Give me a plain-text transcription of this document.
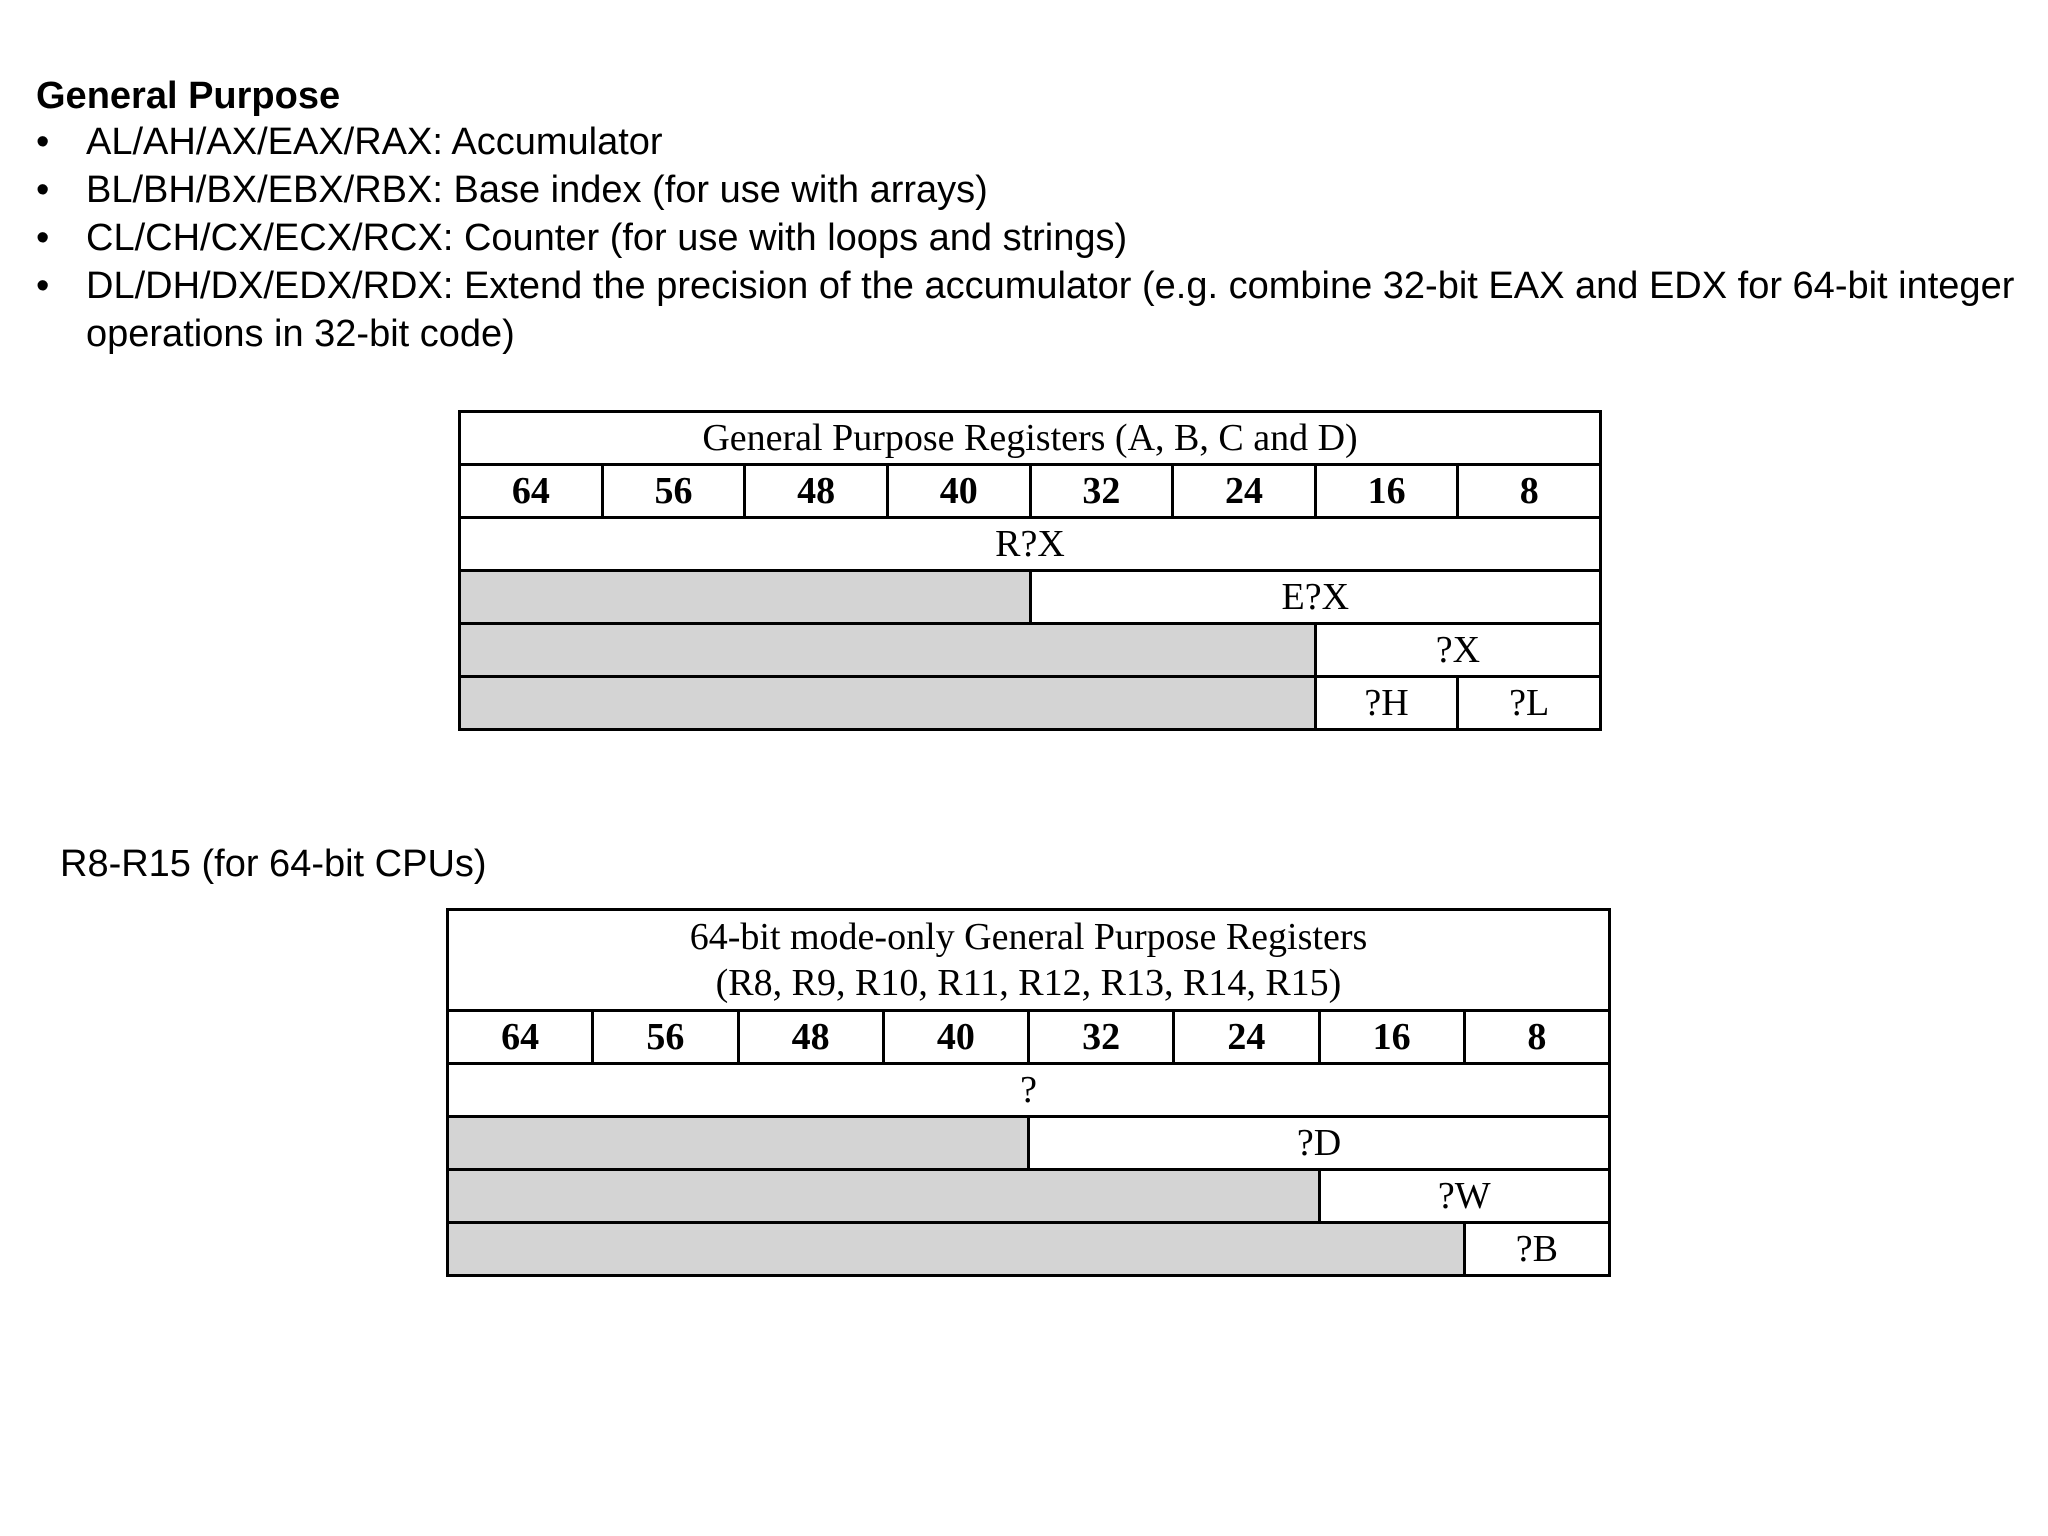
General Purpose
• AL/AH/AX/EAX/RAX: Accumulator
• BL/BH/BX/EBX/RBX: Base index (for use with arrays)
• CL/CH/CX/ECX/RCX: Counter (for use with loops and strings)
• DL/DH/DX/EDX/RDX: Extend the precision of the accumulator (e.g. combine 32-bit EAX and EDX for 64-bit integer operations in 32-bit code)
General Purpose Registers (A, B, C and D)							
64	56	48	40	32	24	16	8
R?X							
				E?X			
						?X	
						?H	?L
R8-R15 (for 64-bit CPUs)
64-bit mode-only General Purpose Registers
(R8, R9, R10, R11, R12, R13, R14, R15)							
64	56	48	40	32	24	16	8
?							
				?D			
						?W	
							?B
